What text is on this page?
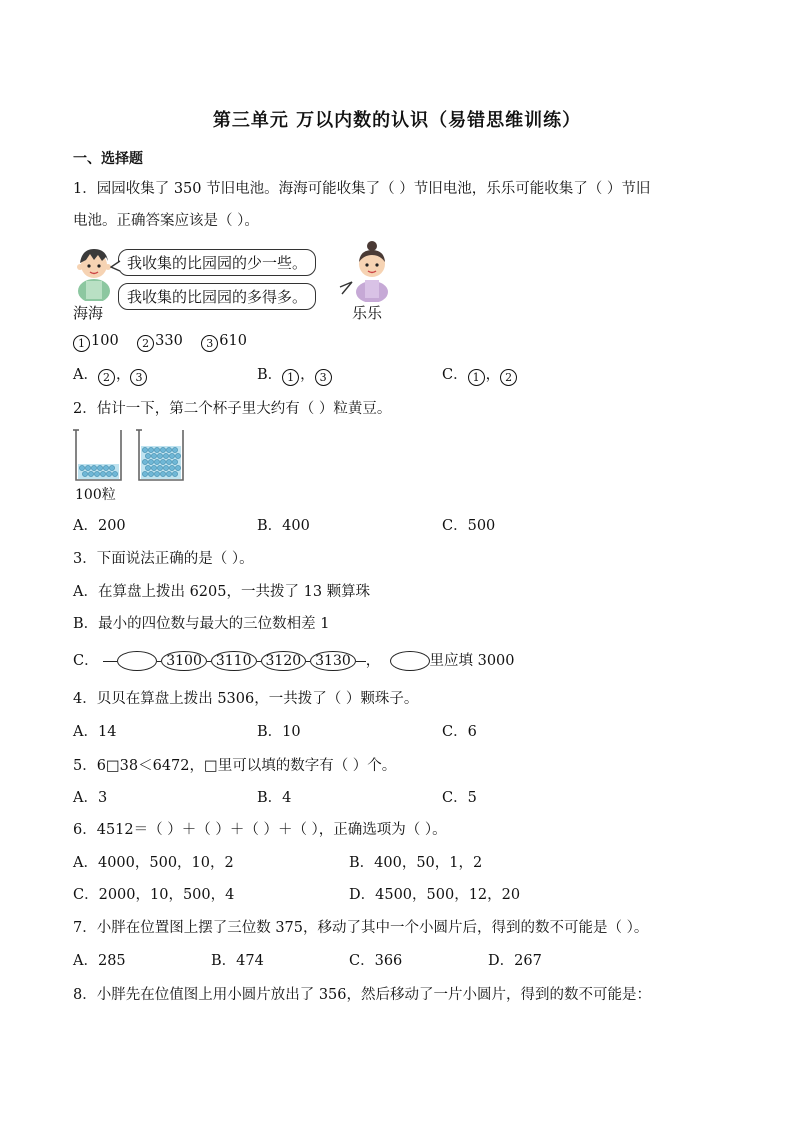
第三单元 万以内数的认识（易错思维训练）
一、选择题
1．园园收集了 350 节旧电池。海海可能收集了（ ）节旧电池，乐乐可能收集了（ ）节旧
电池。正确答案应该是（ ）。
海海
我收集的比园园的少一些。
我收集的比园园的多得多。
乐乐
1 100 2 330 3 610
A． 2 ， 3	B． 1 ， 3	C． 1 ， 2
2．估计一下，第二个杯子里大约有（ ）粒黄豆。
100粒
A．200	B．400	C．500
3．下面说法正确的是（ ）。
A．在算盘上拨出 6205，一共拨了 13 颗算珠
B．最小的四位数与最大的三位数相差 1
C．	3100 3110 3120 3130 ，	里应填 3000
4．贝贝在算盘上拨出 5306，一共拨了（ ）颗珠子。
A．14	B．10	C．6
5．6□38＜6472，□里可以填的数字有（ ）个。
A．3	B．4	C．5
6．4512＝（ ）＋（ ）＋（ ）＋（ ），正确选项为（ ）。
A．4000，500，10，2	B．400，50，1，2
C．2000，10，500，4	D．4500，500，12，20
7．小胖在位置图上摆了三位数 375，移动了其中一个小圆片后，得到的数不可能是（ ）。
A．285	B．474	C．366	D．267
8．小胖先在位值图上用小圆片放出了 356，然后移动了一片小圆片，得到的数不可能是：
